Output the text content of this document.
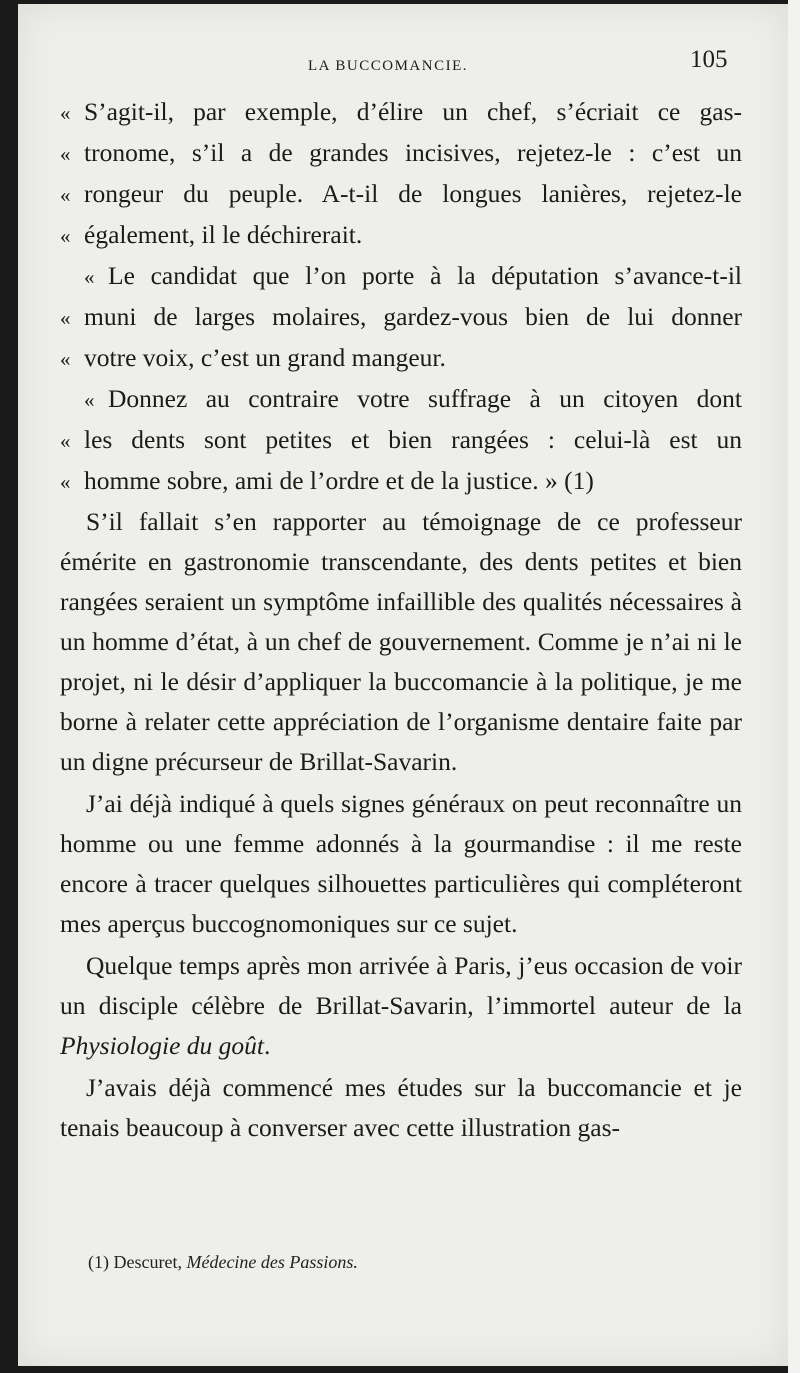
LA BUCCOMANCIE.	105
« S’agit-il, par exemple, d’élire un chef, s’écriait ce gas-
« tronome, s’il a de grandes incisives, rejetez-le : c’est un
« rongeur du peuple. A-t-il de longues lanières, rejetez-le
« également, il le déchirerait.
« Le candidat que l’on porte à la députation s’avance-t-il
« muni de larges molaires, gardez-vous bien de lui donner
« votre voix, c’est un grand mangeur.
« Donnez au contraire votre suffrage à un citoyen dont
« les dents sont petites et bien rangées : celui-là est un
« homme sobre, ami de l’ordre et de la justice. » (1)

S’il fallait s’en rapporter au témoignage de ce professeur émérite en gastronomie transcendante, des dents petites et bien rangées seraient un symptôme infaillible des qualités nécessaires à un homme d’état, à un chef de gouvernement. Comme je n’ai ni le projet, ni le désir d’appliquer la buccomancie à la politique, je me borne à relater cette appréciation de l’organisme dentaire faite par un digne précurseur de Brillat-Savarin.

J’ai déjà indiqué à quels signes généraux on peut reconnaître un homme ou une femme adonnés à la gourmandise : il me reste encore à tracer quelques silhouettes particulières qui compléteront mes aperçus buccognomoniques sur ce sujet.

Quelque temps après mon arrivée à Paris, j’eus occasion de voir un disciple célèbre de Brillat-Savarin, l’immortel auteur de la Physiologie du goût.

J’avais déjà commencé mes études sur la buccomancie et je tenais beaucoup à converser avec cette illustration gas-

(1) Descuret, Médecine des Passions.
